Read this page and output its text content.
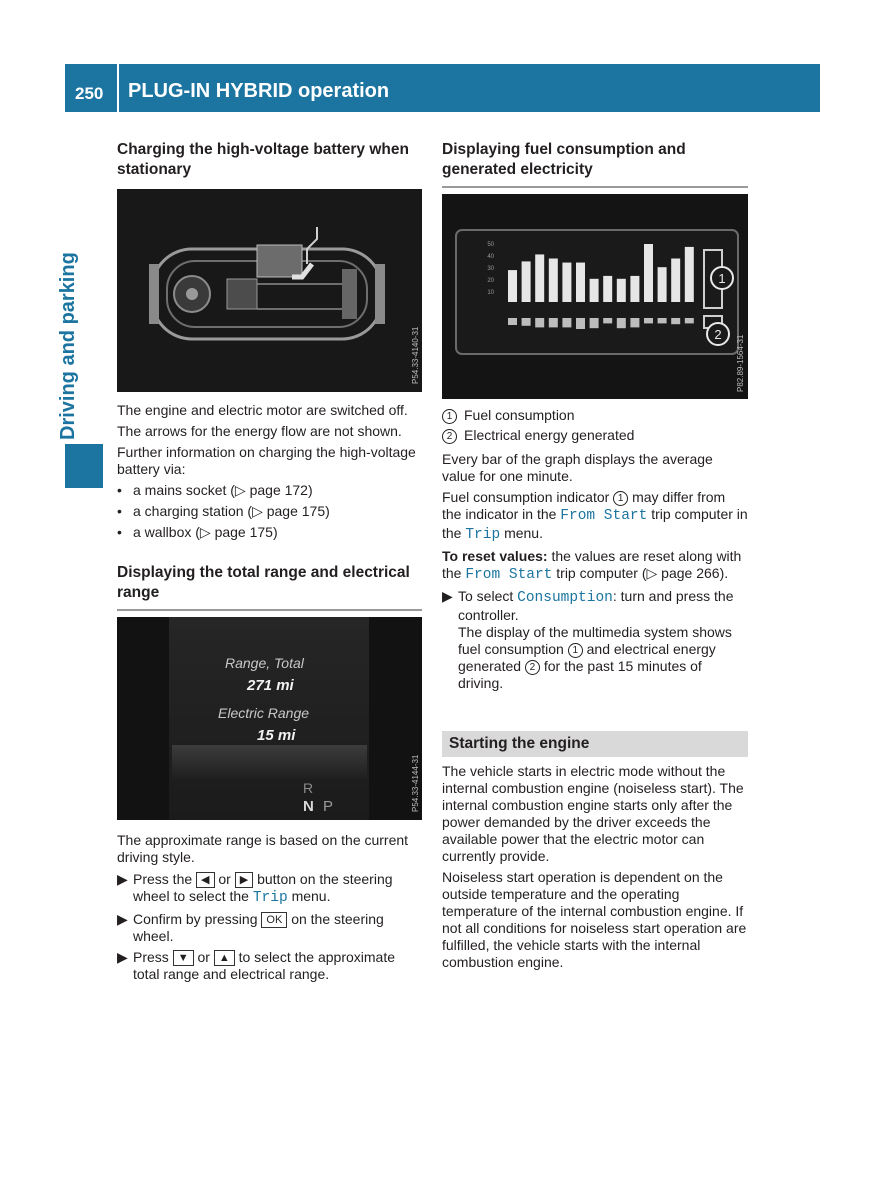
250 PLUG-IN HYBRID operation
Driving and parking
Charging the high-voltage battery when stationary
P54.33-4140-31

The engine and electric motor are switched off.

The arrows for the energy flow are not shown.

Further information on charging the high-voltage battery via:

• a mains socket (▷ page 172)
• a charging station (▷ page 175)
• a wallbox (▷ page 175)
Displaying the total range and electrical range
Range, Total
271 mi
Electric Range
15 mi
R
N P	P54.33-4144-31

The approximate range is based on the current driving style.

▶ Press the ◀ or ▶ button on the steering wheel to select the Trip menu.
▶ Confirm by pressing OK on the steering wheel.
▶ Press ▼ or ▲ to select the approximate total range and electrical range.
Displaying fuel consumption and generated electricity
50
40
30
20
10
1
2
P82.89-1564-31
1 Fuel consumption
2 Electrical energy generated

Every bar of the graph displays the average value for one minute.

Fuel consumption indicator 1 may differ from the indicator in the From Start trip computer in the Trip menu.

To reset values: the values are reset along with the From Start trip computer (▷ page 266).

▶ To select Consumption: turn and press the controller.
The display of the multimedia system shows fuel consumption 1 and electrical energy generated 2 for the past 15 minutes of driving.
Starting the engine

The vehicle starts in electric mode without the internal combustion engine (noiseless start). The internal combustion engine starts only after the power demanded by the driver exceeds the available power that the electric motor can currently provide.

Noiseless start operation is dependent on the outside temperature and the operating temperature of the internal combustion engine. If not all conditions for noiseless start operation are fulfilled, the vehicle starts with the internal combustion engine.
